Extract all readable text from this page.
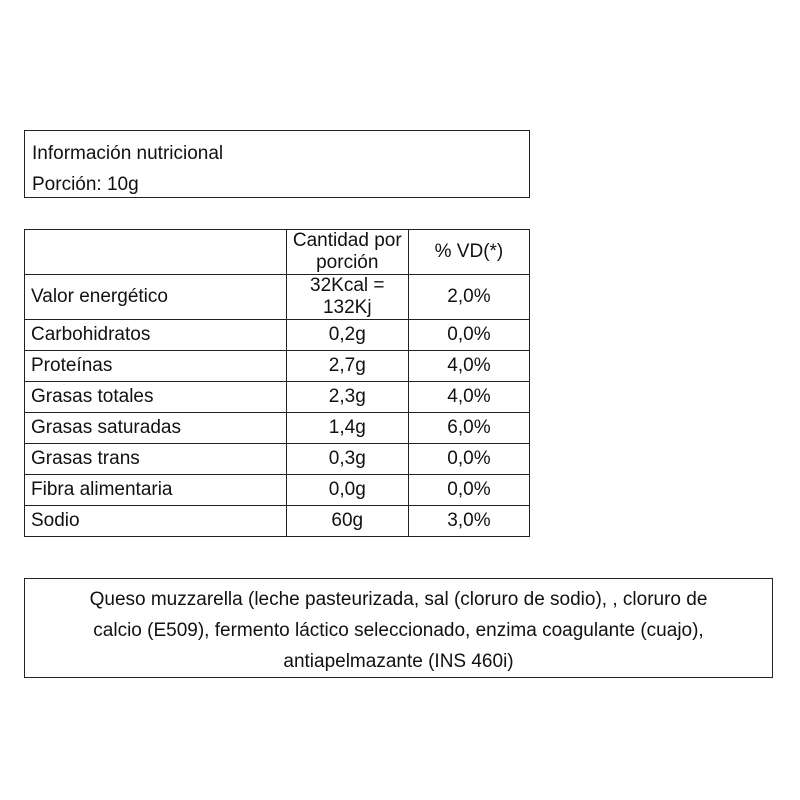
Información nutricional
Porción: 10g
	Cantidad por porción	% VD(*)
Valor energético	32Kcal = 132Kj	2,0%
Carbohidratos	0,2g	0,0%
Proteínas	2,7g	4,0%
Grasas totales	2,3g	4,0%
Grasas saturadas	1,4g	6,0%
Grasas trans	0,3g	0,0%
Fibra alimentaria	0,0g	0,0%
Sodio	60g	3,0%
Queso muzzarella (leche pasteurizada, sal (cloruro de sodio), , cloruro de
calcio (E509), fermento láctico seleccionado, enzima coagulante (cuajo),
antiapelmazante (INS 460i)
